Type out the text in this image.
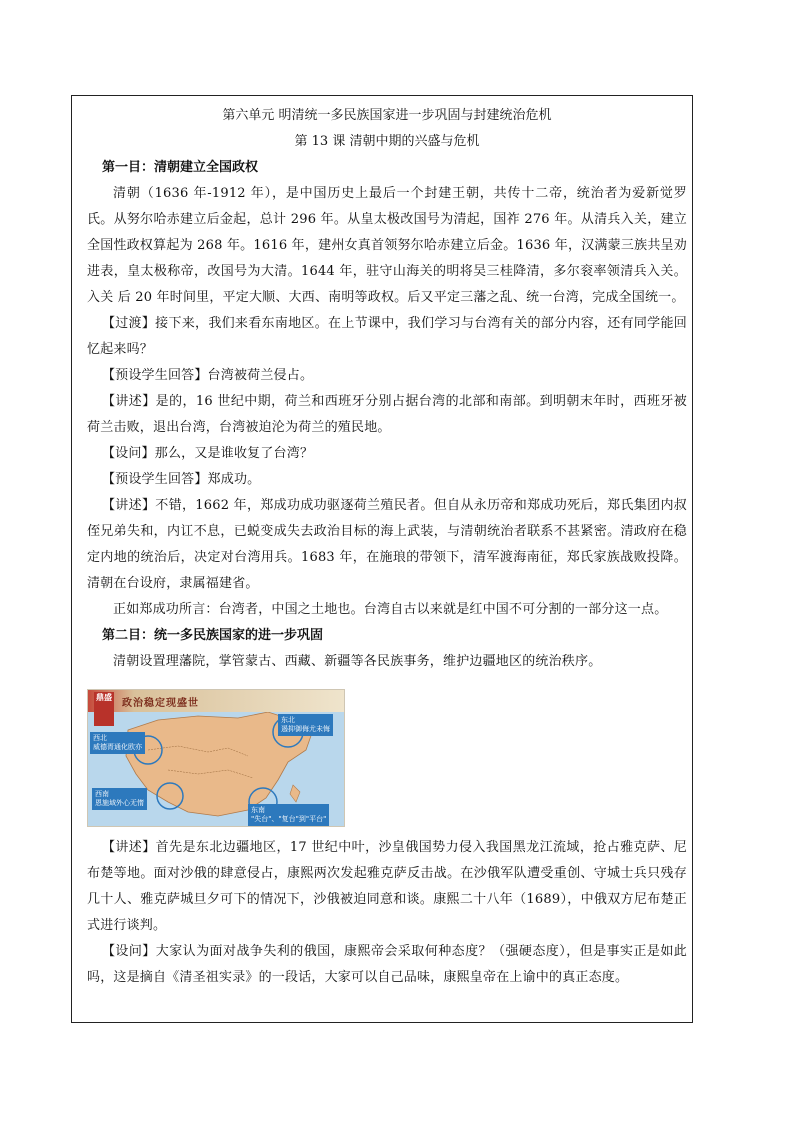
第六单元 明清统一多民族国家进一步巩固与封建统治危机

第 13 课 清朝中期的兴盛与危机

第一目：清朝建立全国政权

清朝（1636 年-1912 年），是中国历史上最后一个封建王朝，共传十二帝，统治者为爱新觉罗氏。从努尔哈赤建立后金起，总计 296 年。从皇太极改国号为清起，国祚 276 年。从清兵入关，建立全国性政权算起为 268 年。1616 年，建州女真首领努尔哈赤建立后金。1636 年，汉满蒙三族共呈劝进表，皇太极称帝，改国号为大清。1644 年，驻守山海关的明将吴三桂降清，多尔衮率领清兵入关。入关 后 20 年时间里，平定大顺、大西、南明等政权。后又平定三藩之乱、统一台湾，完成全国统一。

【过渡】接下来，我们来看东南地区。在上节课中，我们学习与台湾有关的部分内容，还有同学能回忆起来吗？

【预设学生回答】台湾被荷兰侵占。

【讲述】是的，16 世纪中期，荷兰和西班牙分别占据台湾的北部和南部。到明朝末年时，西班牙被荷兰击败，退出台湾，台湾被迫沦为荷兰的殖民地。

【设问】那么，又是谁收复了台湾？

【预设学生回答】郑成功。

【讲述】不错，1662 年，郑成功成功驱逐荷兰殖民者。但自从永历帝和郑成功死后，郑氏集团内叔侄兄弟失和，内讧不息，已蜕变成失去政治目标的海上武装，与清朝统治者联系不甚紧密。清政府在稳定内地的统治后，决定对台湾用兵。1683 年，在施琅的带领下，清军渡海南征，郑氏家族战败投降。清朝在台设府，隶属福建省。

正如郑成功所言：台湾者，中国之土地也。台湾自古以来就是红中国不可分割的一部分这一点。

第二目：统一多民族国家的进一步巩固

清朝设置理藩院，掌管蒙古、西藏、新疆等各民族事务，维护边疆地区的统治秩序。

鼎盛
政治稳定现盛世
东北
遏抑御侮尤未悔
西北
威德胥通化欧亦
西南
恩施域外心无惰
东南
"失台"、"复台"到"平台"

【讲述】首先是东北边疆地区，17 世纪中叶，沙皇俄国势力侵入我国黑龙江流域，抢占雅克萨、尼布楚等地。面对沙俄的肆意侵占，康熙两次发起雅克萨反击战。在沙俄军队遭受重创、守城士兵只残存几十人、雅克萨城旦夕可下的情况下，沙俄被迫同意和谈。康熙二十八年（1689），中俄双方尼布楚正式进行谈判。

【设问】大家认为面对战争失利的俄国，康熙帝会采取何种态度？（强硬态度），但是事实正是如此吗，这是摘自《清圣祖实录》的一段话，大家可以自己品味，康熙皇帝在上谕中的真正态度。
